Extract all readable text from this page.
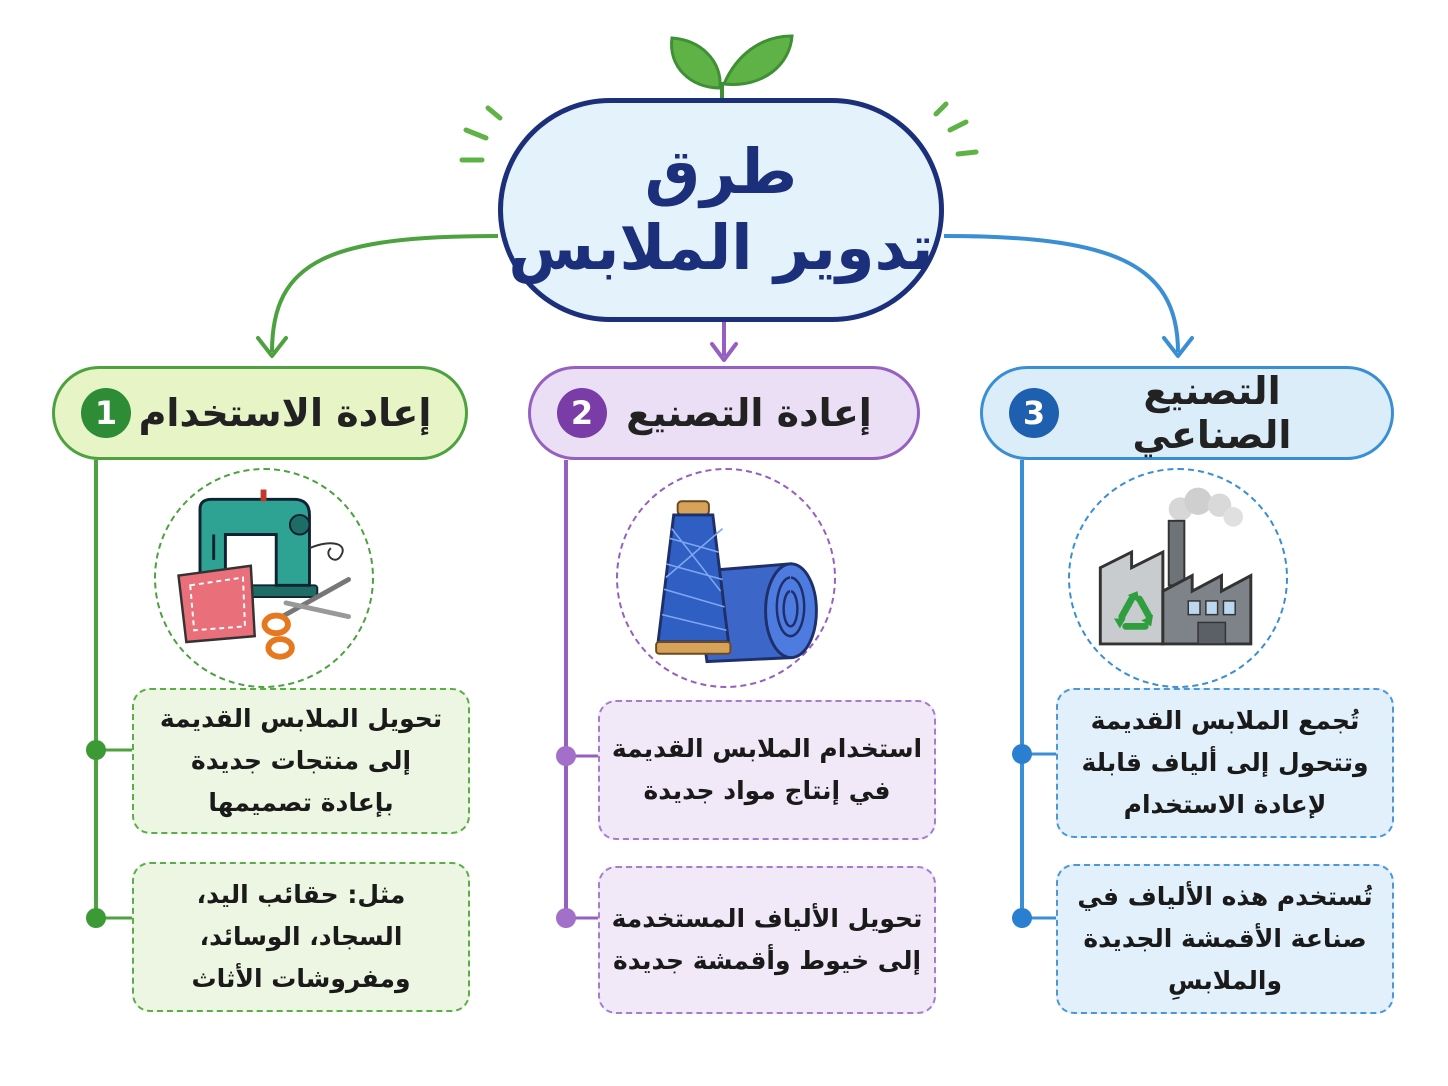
طرق
تدوير الملابس
إعادة الاستخدام
1	إعادة التصنيع
2	التصنيع الصناعي
3
تحويل الملابس القديمة
إلى منتجات جديدة
بإعادة تصميمها
مثل: حقائب اليد،
السجاد، الوسائد،
ومفروشات الأثاث
استخدام الملابس القديمة
في إنتاج مواد جديدة
تحويل الألياف المستخدمة
إلى خيوط وأقمشة جديدة
تُجمع الملابس القديمة
وتتحول إلى ألياف قابلة
لإعادة الاستخدام
تُستخدم هذه الألياف في
صناعة الأقمشة الجديدة
والملابسِ
